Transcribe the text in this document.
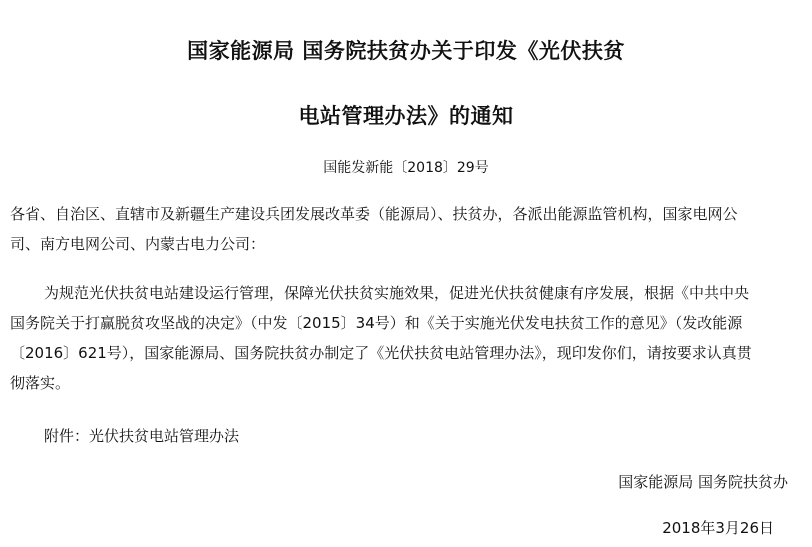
国家能源局 国务院扶贫办关于印发《光伏扶贫
电站管理办法》的通知
国能发新能〔2018〕29号
各省、自治区、直辖市及新疆生产建设兵团发展改革委（能源局）、扶贫办，各派出能源监管机构，国家电网公
司、南方电网公司、内蒙古电力公司：
为规范光伏扶贫电站建设运行管理，保障光伏扶贫实施效果，促进光伏扶贫健康有序发展，根据《中共中央
国务院关于打赢脱贫攻坚战的决定》（中发〔2015〕34号）和《关于实施光伏发电扶贫工作的意见》（发改能源
〔2016〕621号），国家能源局、国务院扶贫办制定了《光伏扶贫电站管理办法》，现印发你们，请按要求认真贯
彻落实。
附件：光伏扶贫电站管理办法
国家能源局 国务院扶贫办
2018年3月26日
